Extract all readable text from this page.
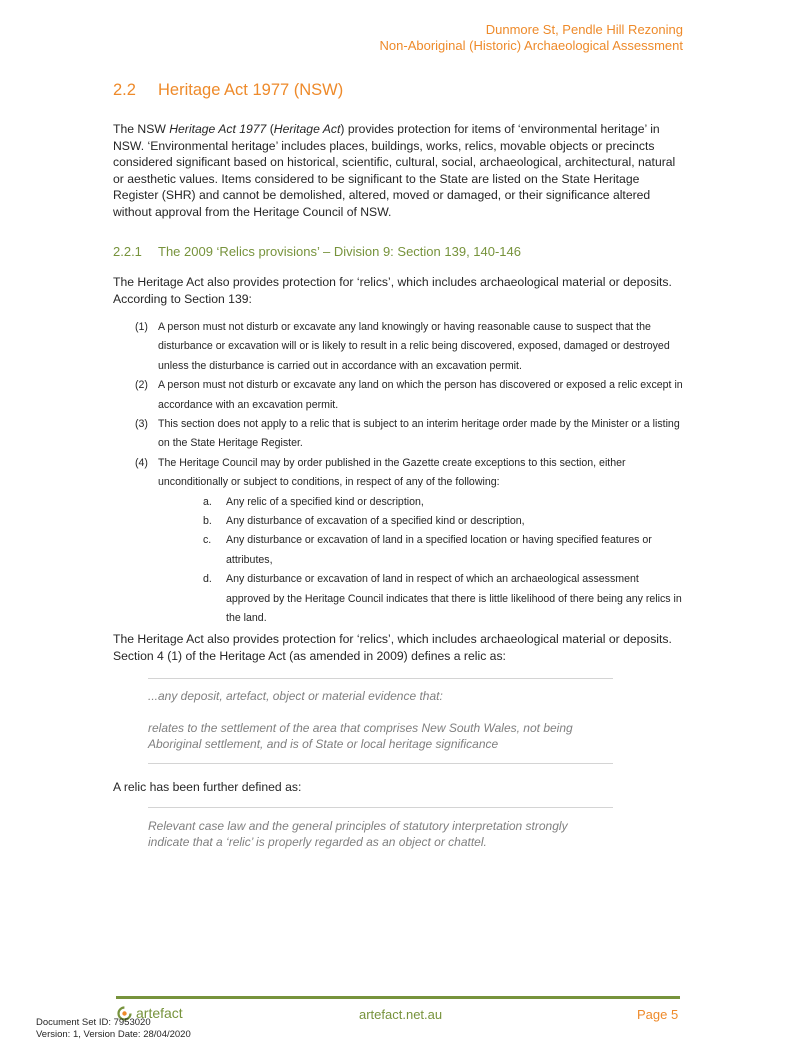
Dunmore St, Pendle Hill Rezoning
Non-Aboriginal (Historic) Archaeological Assessment
2.2 Heritage Act 1977 (NSW)

The NSW Heritage Act 1977 (Heritage Act) provides protection for items of ‘environmental heritage’ in NSW. ‘Environmental heritage’ includes places, buildings, works, relics, movable objects or precincts considered significant based on historical, scientific, cultural, social, archaeological, architectural, natural or aesthetic values. Items considered to be significant to the State are listed on the State Heritage Register (SHR) and cannot be demolished, altered, moved or damaged, or their significance altered without approval from the Heritage Council of NSW.

2.2.1 The 2009 ‘Relics provisions’ – Division 9: Section 139, 140-146

The Heritage Act also provides protection for ‘relics’, which includes archaeological material or deposits. According to Section 139:

(1) A person must not disturb or excavate any land knowingly or having reasonable cause to suspect that the disturbance or excavation will or is likely to result in a relic being discovered, exposed, damaged or destroyed unless the disturbance is carried out in accordance with an excavation permit.
(2) A person must not disturb or excavate any land on which the person has discovered or exposed a relic except in accordance with an excavation permit.
(3) This section does not apply to a relic that is subject to an interim heritage order made by the Minister or a listing on the State Heritage Register.
(4) The Heritage Council may by order published in the Gazette create exceptions to this section, either unconditionally or subject to conditions, in respect of any of the following:
a. Any relic of a specified kind or description,
b. Any disturbance of excavation of a specified kind or description,
c. Any disturbance or excavation of land in a specified location or having specified features or attributes,
d. Any disturbance or excavation of land in respect of which an archaeological assessment approved by the Heritage Council indicates that there is little likelihood of there being any relics in the land.

The Heritage Act also provides protection for ‘relics’, which includes archaeological material or deposits. Section 4 (1) of the Heritage Act (as amended in 2009) defines a relic as:

...any deposit, artefact, object or material evidence that:

relates to the settlement of the area that comprises New South Wales, not being Aboriginal settlement, and is of State or local heritage significance

A relic has been further defined as:

Relevant case law and the general principles of statutory interpretation strongly indicate that a ‘relic’ is properly regarded as an object or chattel.

artefact	artefact.net.au	Page 5
Document Set ID: 7953020
Version: 1, Version Date: 28/04/2020
